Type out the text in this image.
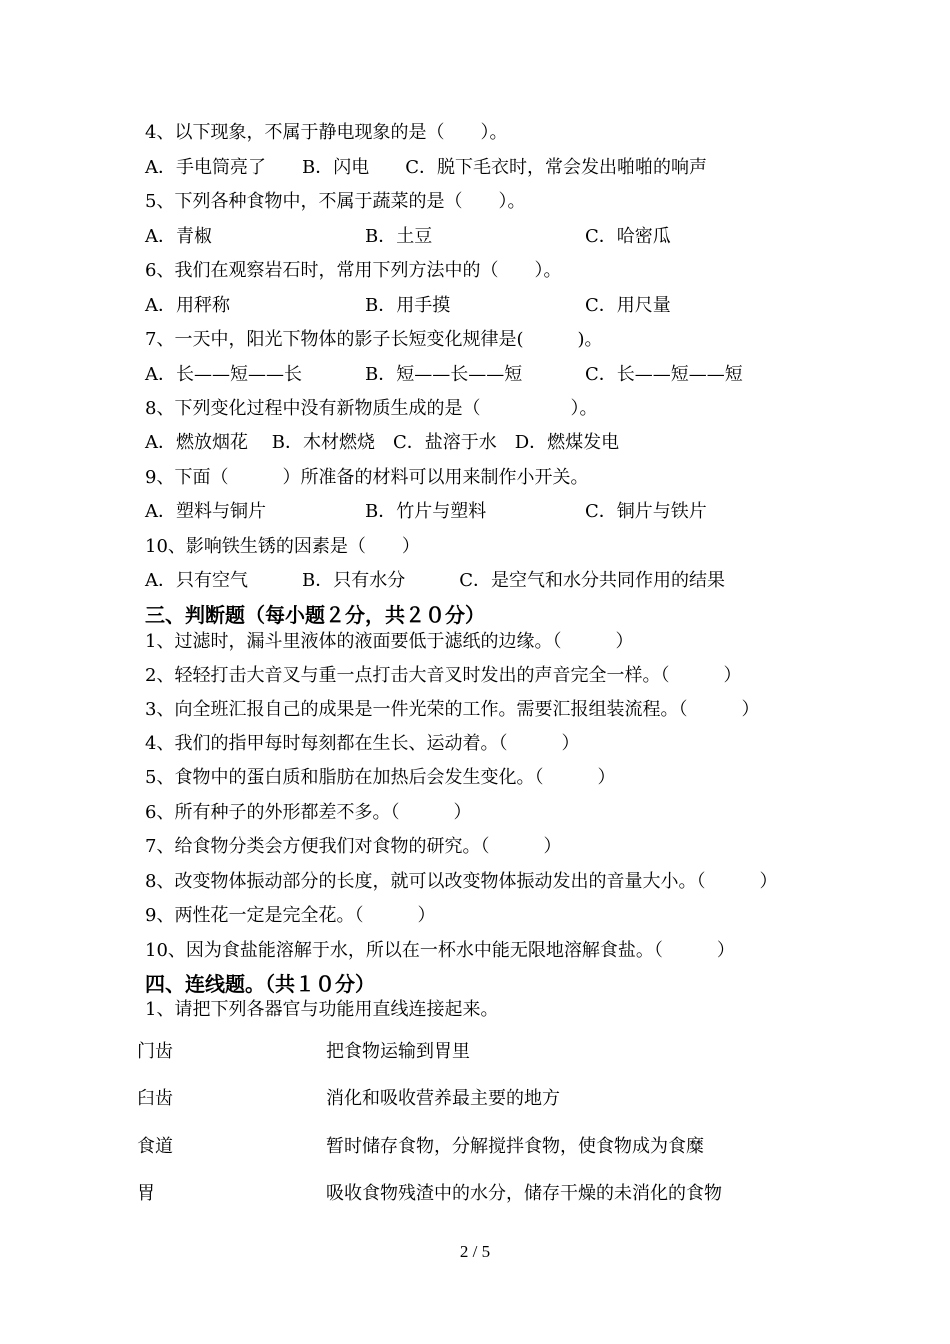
4、以下现象，不属于静电现象的是（　　）。
A．手电筒亮了　　B．闪电　　C．脱下毛衣时，常会发出啪啪的响声
5、下列各种食物中，不属于蔬菜的是（　　）。
A．青椒	B．土豆	C．哈密瓜
6、我们在观察岩石时，常用下列方法中的（　　）。
A．用秤称	B．用手摸	C．用尺量
7、一天中，阳光下物体的影子长短变化规律是(　　　)。
A．长——短——长	B．短——长——短	C．长——短——短
8、下列变化过程中没有新物质生成的是（　　　　　）。
A．燃放烟花　 B．木材燃烧　C．盐溶于水　D．燃煤发电
9、下面（　　　）所准备的材料可以用来制作小开关。
A．塑料与铜片	B．竹片与塑料	C．铜片与铁片
10、影响铁生锈的因素是（　　）
A．只有空气　　　B．只有水分　　　C．是空气和水分共同作用的结果
三、判断题（每小题２分，共２０分）
1、过滤时，漏斗里液体的液面要低于滤纸的边缘。（　　　）
2、轻轻打击大音叉与重一点打击大音叉时发出的声音完全一样。（　　　）
3、向全班汇报自己的成果是一件光荣的工作。需要汇报组装流程。（　　　）
4、我们的指甲每时每刻都在生长、运动着。（　　　）
5、食物中的蛋白质和脂肪在加热后会发生变化。（　　　）
6、所有种子的外形都差不多。（　　　）
7、给食物分类会方便我们对食物的研究。（　　　）
8、改变物体振动部分的长度，就可以改变物体振动发出的音量大小。（　　　）
9、两性花一定是完全花。（　　　）
10、因为食盐能溶解于水，所以在一杯水中能无限地溶解食盐。（　　　）
四、连线题。（共１０分）
1、请把下列各器官与功能用直线连接起来。
门齿	把食物运输到胃里
臼齿	消化和吸收营养最主要的地方
食道	暂时储存食物，分解搅拌食物，使食物成为食糜
胃	吸收食物残渣中的水分，储存干燥的未消化的食物
2 / 5
